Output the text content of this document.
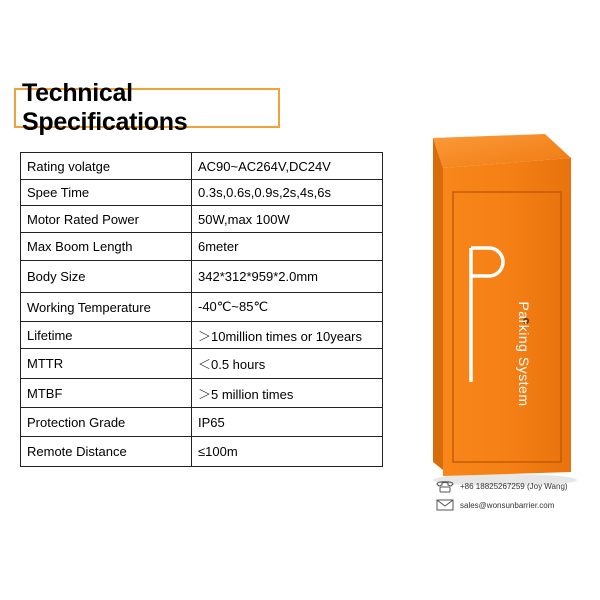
Technical Specifications
Rating volatge	AC90~AC264V,DC24V
Spee Time	0.3s,0.6s,0.9s,2s,4s,6s
Motor Rated Power	50W,max 100W
Max Boom Length	6meter
Body Size	342*312*959*2.0mm
Working Temperature	-40℃~85℃
Lifetime	＞10million times or 10years
MTTR	＜0.5 hours
MTBF	＞5 million times
Protection Grade	IP65
Remote Distance	≤100m
Parking System
+86 18825267259 (Joy Wang)
sales@wonsunbarrier.com
